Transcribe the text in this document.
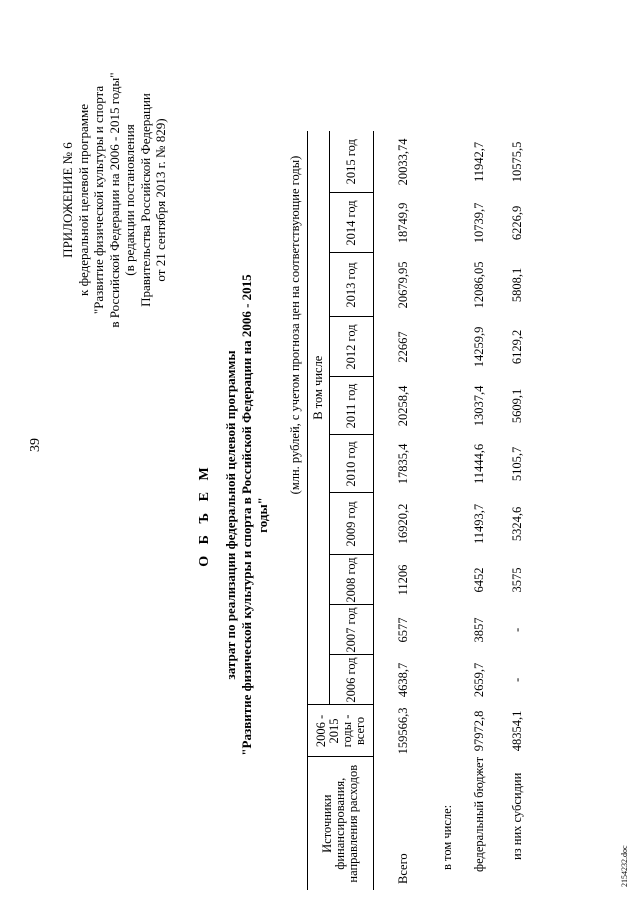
39
ПРИЛОЖЕНИЕ № 6 к федеральной целевой программе "Развитие физической культуры и спорта в Российской Федерации на 2006 - 2015 годы" (в редакции постановления Правительства Российской Федерации от 21 сентября 2013 г. № 829)
О Б Ъ Е М затрат по реализации федеральной целевой программы "Развитие физической культуры и спорта в Российской Федерации на 2006 - 2015 годы"
(млн. рублей, с учетом прогноза цен на соответствующие годы)
Источники финансирования, направления расходов	2006 - 2015 годы - всего	В том числе									
		2006 год	2007 год	2008 год	2009 год	2010 год	2011 год	2012 год	2013 год	2014 год	2015 год
Всего	159566,3	4638,7	6577	11206	16920,2	17835,4	20258,4	22667	20679,95	18749,9	20033,74
в том числе:											
федеральный бюджет	97972,8	2659,7	3857	6452	11493,7	11444,6	13037,4	14259,9	12086,05	10739,7	11942,7
из них субсидии	48354,1	-	-	3575	5324,6	5105,7	5609,1	6129,2	5808,1	6226,9	10575,5
2154232.doc
